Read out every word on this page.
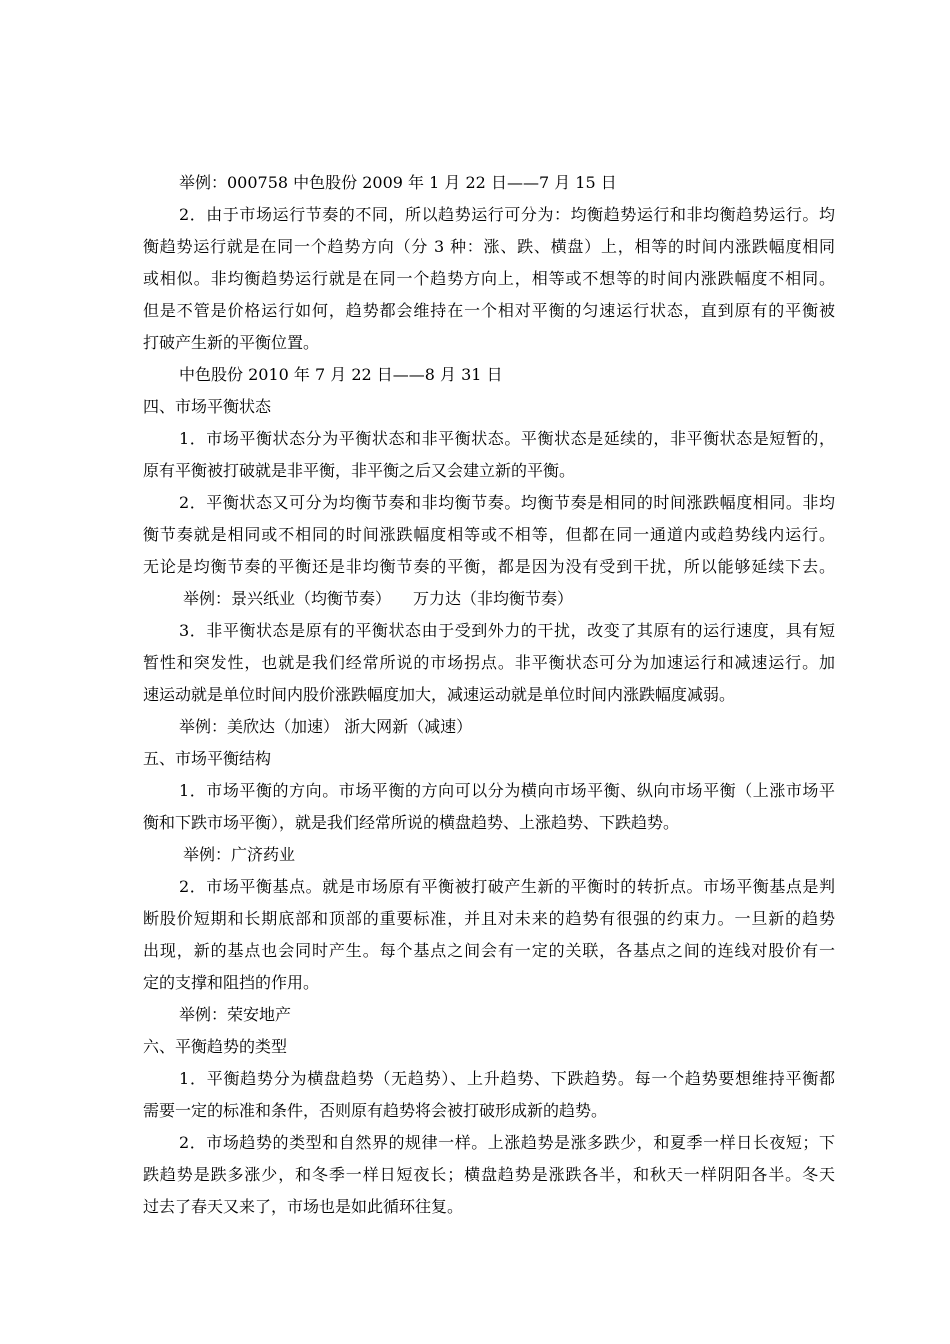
举例：000758 中色股份 2009 年 1 月 22 日——7 月 15 日
2．由于市场运行节奏的不同，所以趋势运行可分为：均衡趋势运行和非均衡趋势运行。均
衡趋势运行就是在同一个趋势方向（分 3 种：涨、跌、横盘）上，相等的时间内涨跌幅度相同
或相似。非均衡趋势运行就是在同一个趋势方向上，相等或不想等的时间内涨跌幅度不相同。
但是不管是价格运行如何，趋势都会维持在一个相对平衡的匀速运行状态，直到原有的平衡被
打破产生新的平衡位置。
中色股份 2010 年 7 月 22 日——8 月 31 日
四、市场平衡状态
1．市场平衡状态分为平衡状态和非平衡状态。平衡状态是延续的，非平衡状态是短暂的，
原有平衡被打破就是非平衡，非平衡之后又会建立新的平衡。
2．平衡状态又可分为均衡节奏和非均衡节奏。均衡节奏是相同的时间涨跌幅度相同。非均
衡节奏就是相同或不相同的时间涨跌幅度相等或不相等，但都在同一通道内或趋势线内运行。
无论是均衡节奏的平衡还是非均衡节奏的平衡，都是因为没有受到干扰，所以能够延续下去。
举例：景兴纸业（均衡节奏） 万力达（非均衡节奏）
3．非平衡状态是原有的平衡状态由于受到外力的干扰，改变了其原有的运行速度，具有短
暂性和突发性，也就是我们经常所说的市场拐点。非平衡状态可分为加速运行和减速运行。加
速运动就是单位时间内股价涨跌幅度加大，减速运动就是单位时间内涨跌幅度减弱。
举例：美欣达（加速） 浙大网新（减速）
五、市场平衡结构
1．市场平衡的方向。市场平衡的方向可以分为横向市场平衡、纵向市场平衡（上涨市场平
衡和下跌市场平衡），就是我们经常所说的横盘趋势、上涨趋势、下跌趋势。
举例：广济药业
2．市场平衡基点。就是市场原有平衡被打破产生新的平衡时的转折点。市场平衡基点是判
断股价短期和长期底部和顶部的重要标准，并且对未来的趋势有很强的约束力。一旦新的趋势
出现，新的基点也会同时产生。每个基点之间会有一定的关联，各基点之间的连线对股价有一
定的支撑和阻挡的作用。
举例：荣安地产
六、平衡趋势的类型
1．平衡趋势分为横盘趋势（无趋势）、上升趋势、下跌趋势。每一个趋势要想维持平衡都
需要一定的标准和条件，否则原有趋势将会被打破形成新的趋势。
2．市场趋势的类型和自然界的规律一样。上涨趋势是涨多跌少，和夏季一样日长夜短；下
跌趋势是跌多涨少，和冬季一样日短夜长；横盘趋势是涨跌各半，和秋天一样阴阳各半。冬天
过去了春天又来了，市场也是如此循环往复。
